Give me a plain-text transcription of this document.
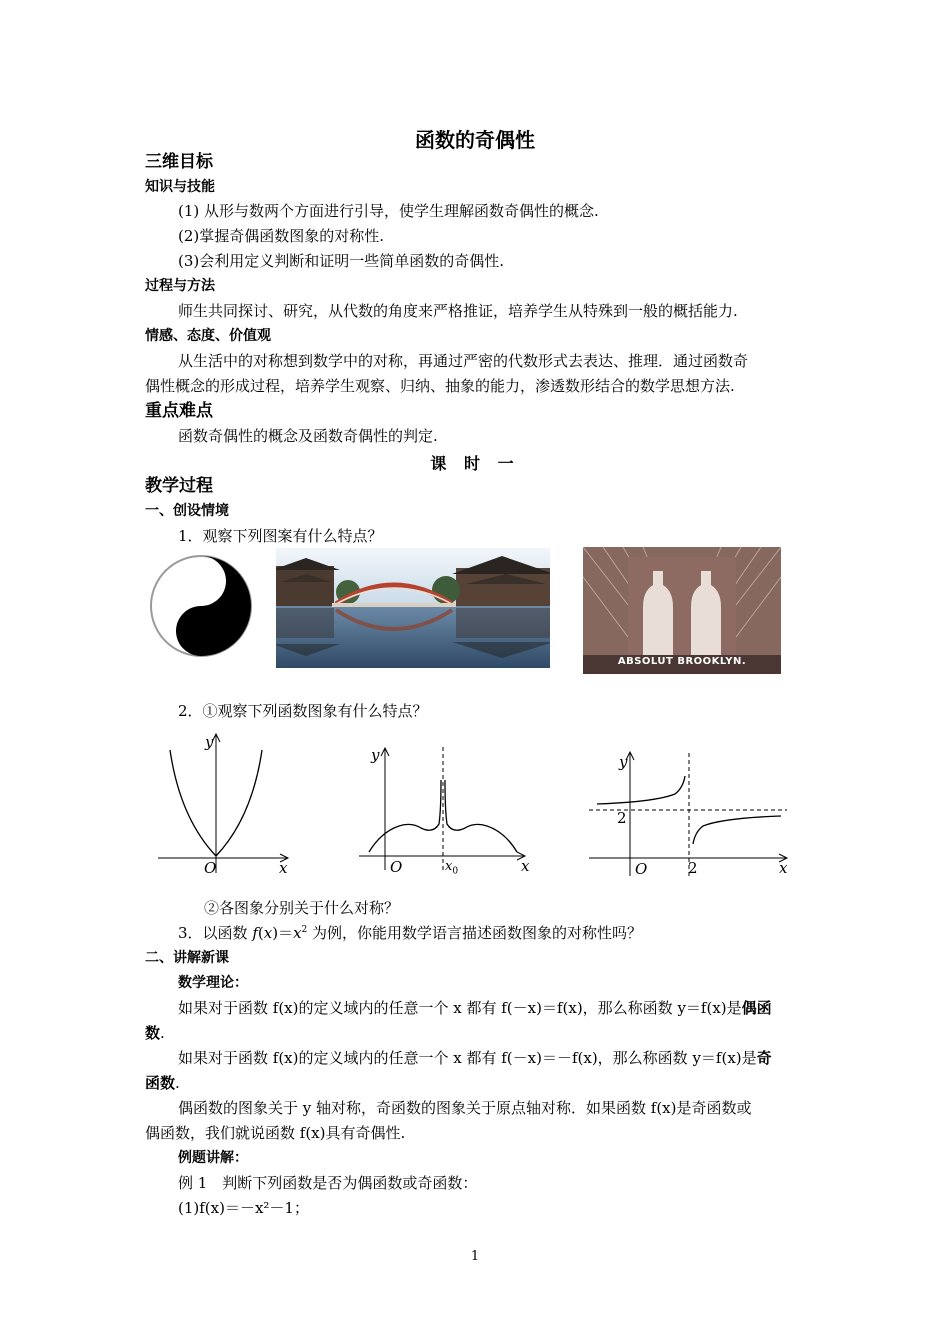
函数的奇偶性
三维目标
知识与技能
(1) 从形与数两个方面进行引导，使学生理解函数奇偶性的概念.
(2)掌握奇偶函数图象的对称性.
(3)会利用定义判断和证明一些简单函数的奇偶性.
过程与方法
师生共同探讨、研究，从代数的角度来严格推证，培养学生从特殊到一般的概括能力.
情感、态度、价值观
从生活中的对称想到数学中的对称，再通过严密的代数形式去表达、推理．通过函数奇
偶性概念的形成过程，培养学生观察、归纳、抽象的能力，渗透数形结合的数学思想方法.
重点难点
函数奇偶性的概念及函数奇偶性的判定.
课 时 一
教学过程
一、创设情境
1．观察下列图案有什么特点？
ABSOLUT BROOKLYN.
2．①观察下列函数图象有什么特点？
y
x
O
y
x
O	$x_0$
y
2
x
O	2
②各图象分别关于什么对称？
3．以函数 $f(x)=x^2$ 为例，你能用数学语言描述函数图象的对称性吗？
二、讲解新课
数学理论：
如果对于函数 f(x)的定义域内的任意一个 x 都有 f(－x)＝f(x)，那么称函数 y＝f(x)是偶函
数.
如果对于函数 f(x)的定义域内的任意一个 x 都有 f(－x)＝－f(x)，那么称函数 y＝f(x)是奇
函数.
偶函数的图象关于 y 轴对称，奇函数的图象关于原点轴对称．如果函数 f(x)是奇函数或
偶函数，我们就说函数 f(x)具有奇偶性.
例题讲解：
例 1　判断下列函数是否为偶函数或奇函数：
(1)f(x)＝－x²－1；
1
